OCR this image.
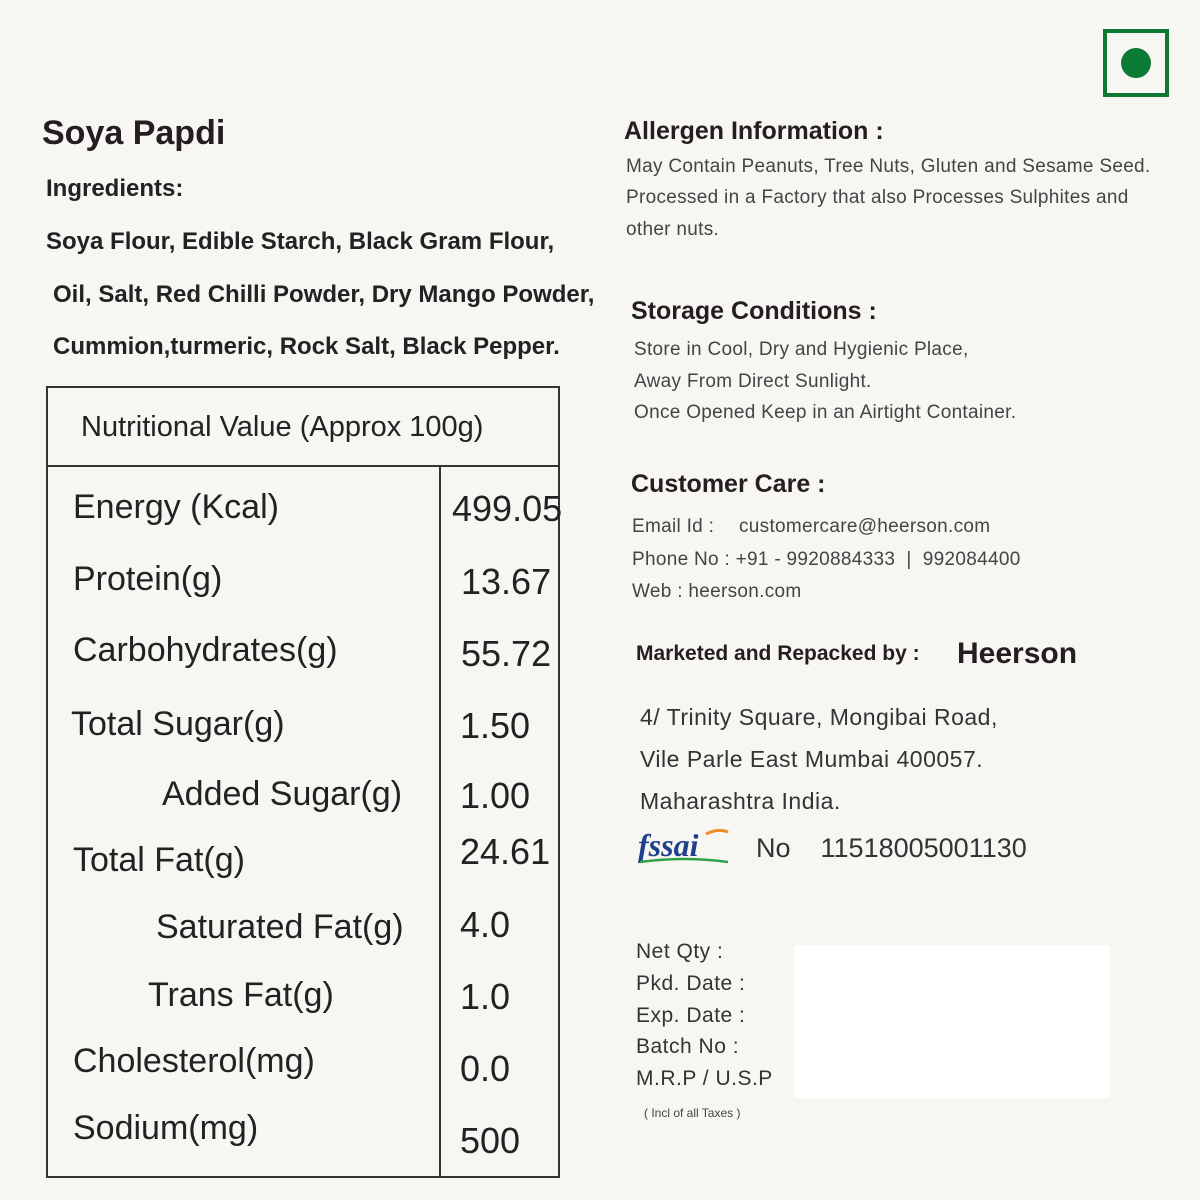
Soya Papdi
Ingredients:
Soya Flour, Edible Starch, Black Gram Flour,
Oil, Salt, Red Chilli Powder, Dry Mango Powder,
Cummion,turmeric, Rock Salt, Black Pepper.
Nutritional Value (Approx 100g)
Energy (Kcal)	499.05
Protein(g)	13.67
Carbohydrates(g)	55.72
Total Sugar(g)	1.50
Added Sugar(g) 1.00
Total Fat(g)	24.61
Saturated Fat(g) 4.0
Trans Fat(g)	1.0
Cholesterol(mg)	0.0
Sodium(mg)	500
Allergen Information :
May Contain Peanuts, Tree Nuts, Gluten and Sesame Seed.
Processed in a Factory that also Processes Sulphites and
other nuts.
Storage Conditions :
Store in Cool, Dry and Hygienic Place,
Away From Direct Sunlight.
Once Opened Keep in an Airtight Container.
Customer Care :
Email Id : customercare@heerson.com
Phone No : +91 - 9920884333  |  992084400
Web : heerson.com
Marketed and Repacked by : Heerson
4/ Trinity Square, Mongibai Road,
Vile Parle East Mumbai 400057.
Maharashtra India.
fssai No 11518005001130
Net Qty :
Pkd. Date :
Exp. Date :
Batch No :
M.R.P / U.S.P
( Incl of all Taxes )
